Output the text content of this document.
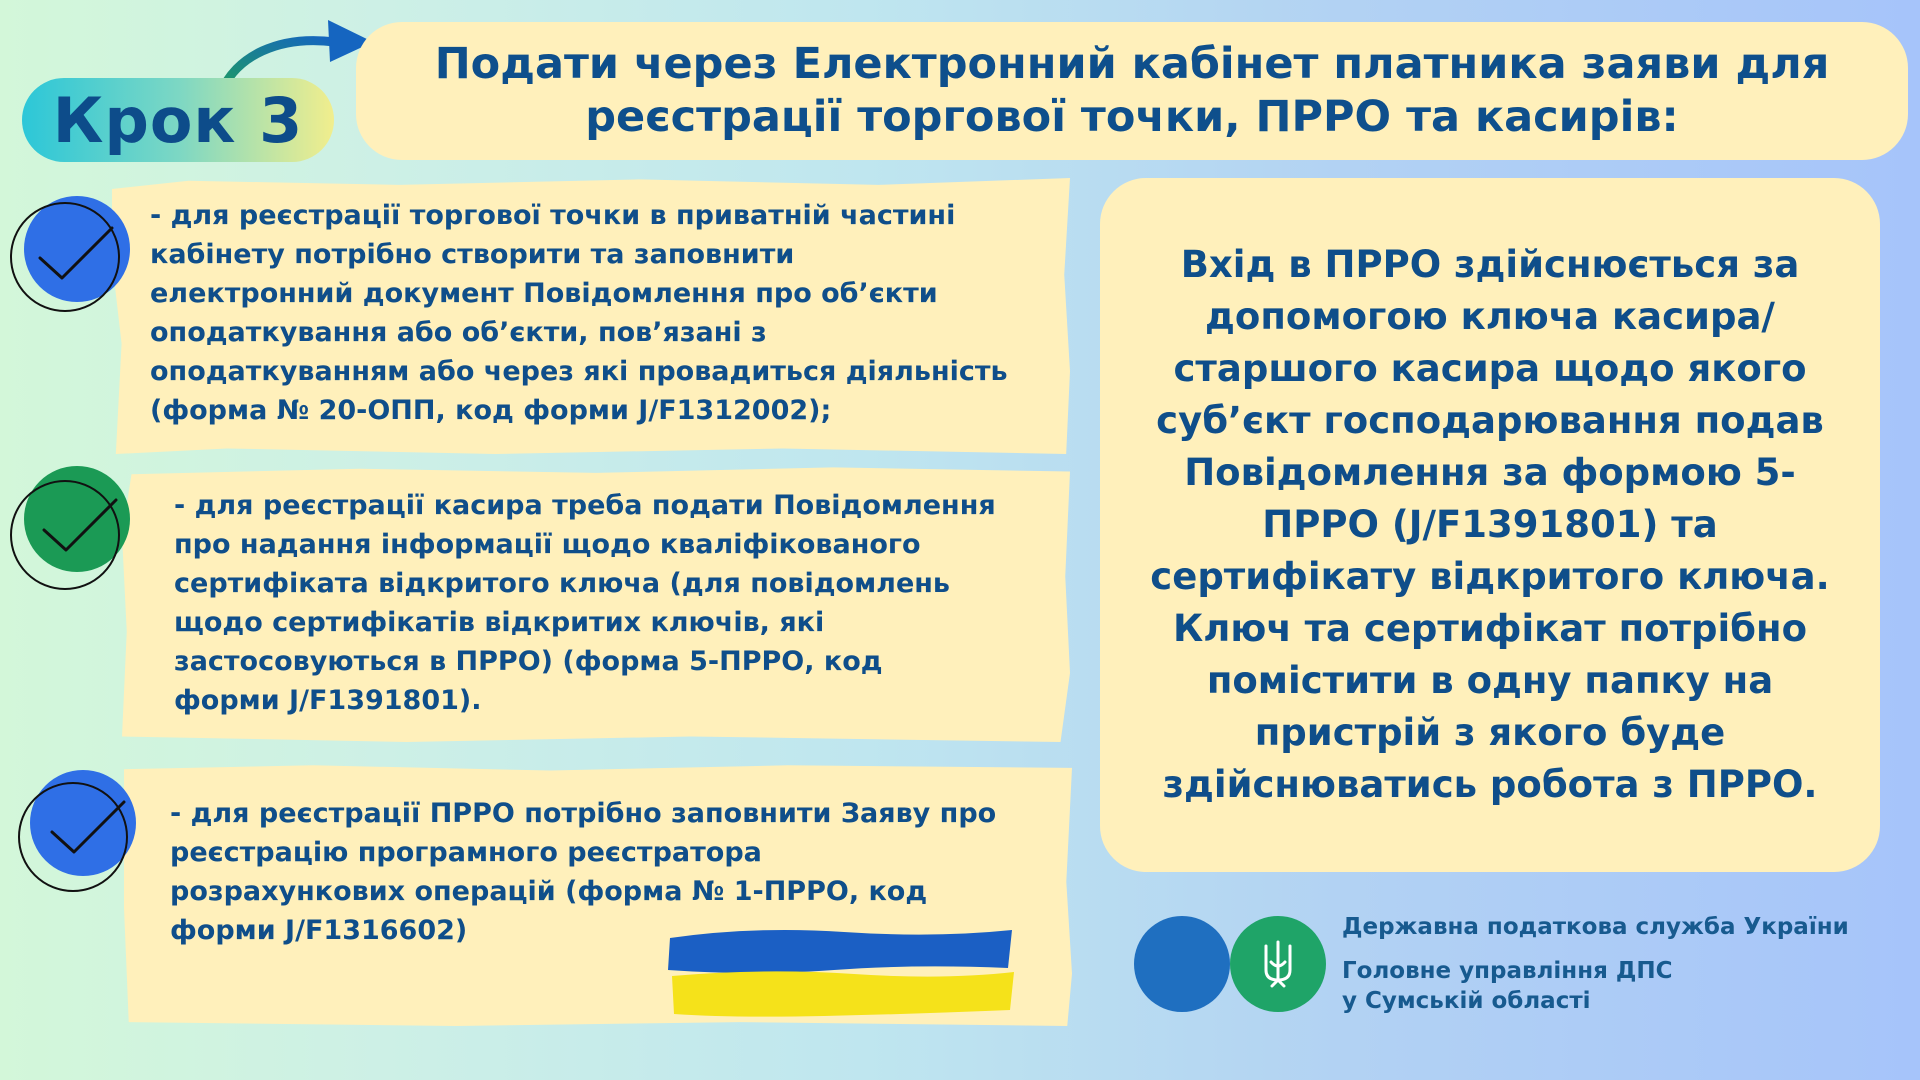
Крок 3
Подати через Електронний кабінет платника заяви для
реєстрації торгової точки, ПРРО та касирів:

- для реєстрації торгової точки в приватній частині
кабінету потрібно створити та заповнити
електронний документ Повідомлення про об’єкти
оподаткування або об’єкти, пов’язані з
оподаткуванням або через які провадиться діяльність
(форма № 20-ОПП, код форми J/F1312002);

- для реєстрації касира треба подати Повідомлення
про надання інформації щодо кваліфікованого
сертифіката відкритого ключа (для повідомлень
щодо сертифікатів відкритих ключів, які
застосовуються в ПРРО) (форма 5-ПРРО, код
форми J/F1391801).

- для реєстрації ПРРО потрібно заповнити Заяву про
реєстрацію програмного реєстратора
розрахункових операцій (форма № 1-ПРРО, код
форми J/F1316602)

Вхід в ПРРО здійснюється за
допомогою ключа касира/
старшого касира щодо якого
суб’єкт господарювання подав
Повідомлення за формою 5-
ПРРО (J/F1391801) та
сертифікату відкритого ключа.
Ключ та сертифікат потрібно
помістити в одну папку на
пристрій з якого буде
здійснюватись робота з ПРРО.

Державна податкова служба України
Головне управління ДПС
у Сумській області
